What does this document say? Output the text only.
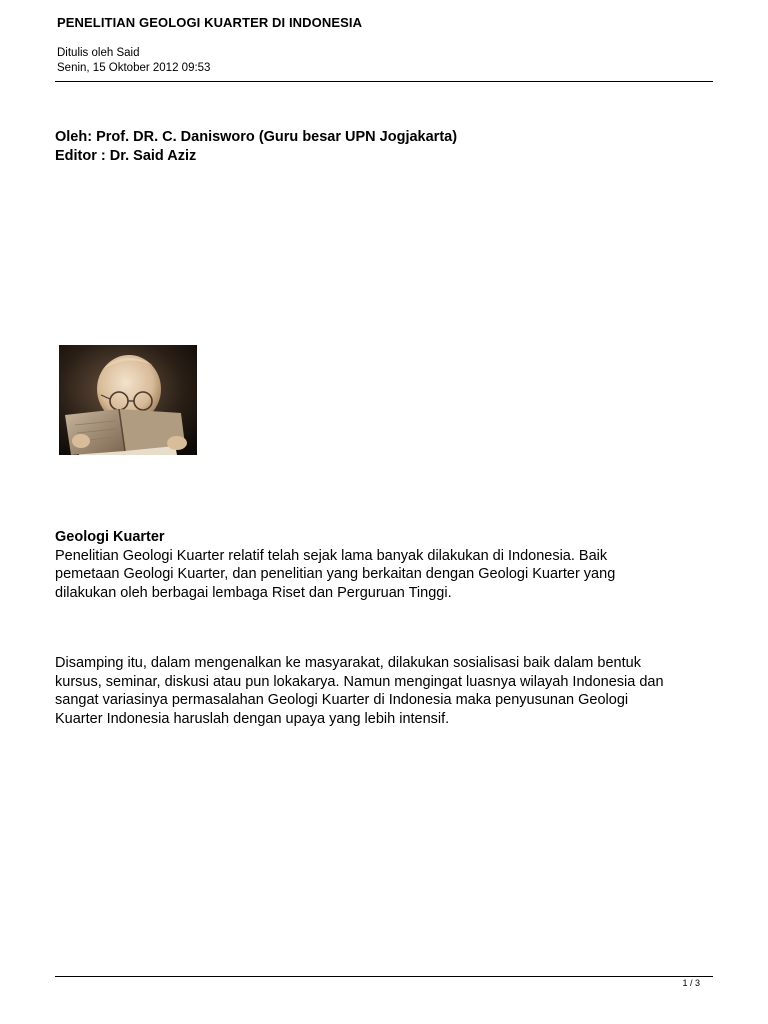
PENELITIAN GEOLOGI KUARTER DI INDONESIA
Ditulis oleh Said
Senin, 15 Oktober 2012 09:53
Oleh: Prof. DR. C. Danisworo (Guru besar UPN Jogjakarta)
Editor : Dr. Said Aziz
Geologi Kuarter
Penelitian Geologi Kuarter relatif telah sejak lama banyak dilakukan di Indonesia. Baik
pemetaan Geologi Kuarter, dan penelitian yang berkaitan dengan Geologi Kuarter yang
dilakukan oleh berbagai lembaga Riset dan Perguruan Tinggi.
Disamping itu, dalam mengenalkan ke masyarakat, dilakukan sosialisasi baik dalam bentuk
kursus, seminar, diskusi atau pun lokakarya. Namun mengingat luasnya wilayah Indonesia dan
sangat variasinya permasalahan Geologi Kuarter di Indonesia maka penyusunan Geologi
Kuarter Indonesia haruslah dengan upaya yang lebih intensif.
1 / 3
